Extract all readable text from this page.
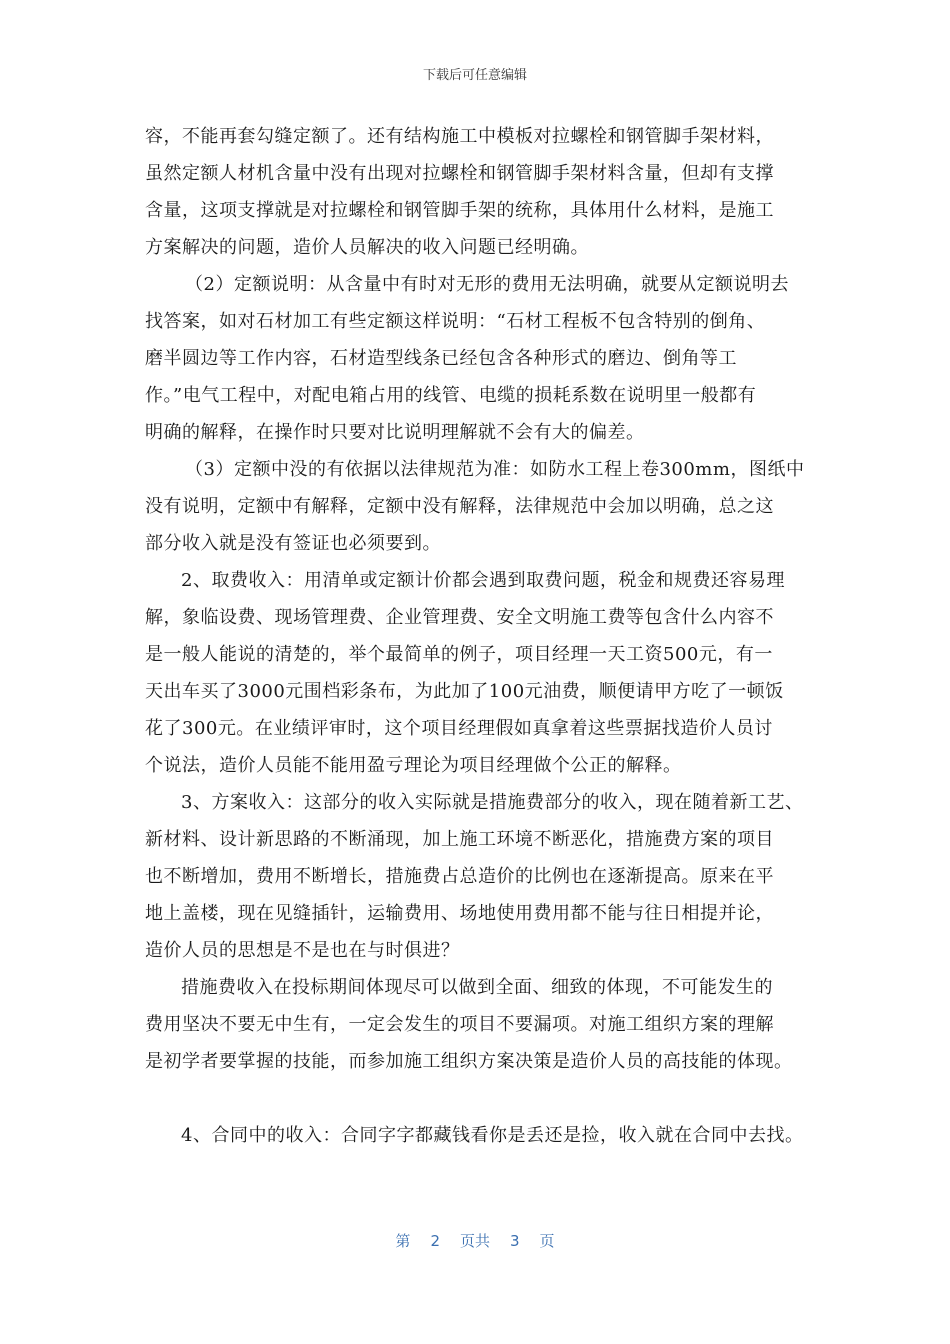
下载后可任意编辑
容，不能再套勾缝定额了。还有结构施工中模板对拉螺栓和钢管脚手架材料，
虽然定额人材机含量中没有出现对拉螺栓和钢管脚手架材料含量，但却有支撑
含量，这项支撑就是对拉螺栓和钢管脚手架的统称，具体用什么材料，是施工
方案解决的问题，造价人员解决的收入问题已经明确。
（2）定额说明：从含量中有时对无形的费用无法明确，就要从定额说明去
找答案，如对石材加工有些定额这样说明：“石材工程板不包含特别的倒角、
磨半圆边等工作内容，石材造型线条已经包含各种形式的磨边、倒角等工
作。”电气工程中，对配电箱占用的线管、电缆的损耗系数在说明里一般都有
明确的解释，在操作时只要对比说明理解就不会有大的偏差。
（3）定额中没的有依据以法律规范为准：如防水工程上卷300mm，图纸中
没有说明，定额中有解释，定额中没有解释，法律规范中会加以明确，总之这
部分收入就是没有签证也必须要到。
2、取费收入：用清单或定额计价都会遇到取费问题，税金和规费还容易理
解，象临设费、现场管理费、企业管理费、安全文明施工费等包含什么内容不
是一般人能说的清楚的，举个最简单的例子，项目经理一天工资500元，有一
天出车买了3000元围档彩条布，为此加了100元油费，顺便请甲方吃了一顿饭
花了300元。在业绩评审时，这个项目经理假如真拿着这些票据找造价人员讨
个说法，造价人员能不能用盈亏理论为项目经理做个公正的解释。
3、方案收入：这部分的收入实际就是措施费部分的收入，现在随着新工艺、
新材料、设计新思路的不断涌现，加上施工环境不断恶化，措施费方案的项目
也不断增加，费用不断增长，措施费占总造价的比例也在逐渐提高。原来在平
地上盖楼，现在见缝插针，运输费用、场地使用费用都不能与往日相提并论，
造价人员的思想是不是也在与时俱进？
措施费收入在投标期间体现尽可以做到全面、细致的体现，不可能发生的
费用坚决不要无中生有，一定会发生的项目不要漏项。对施工组织方案的理解
是初学者要掌握的技能，而参加施工组织方案决策是造价人员的高技能的体现。
4、合同中的收入：合同字字都藏钱看你是丢还是捡，收入就在合同中去找。
第 2 页共 3 页
